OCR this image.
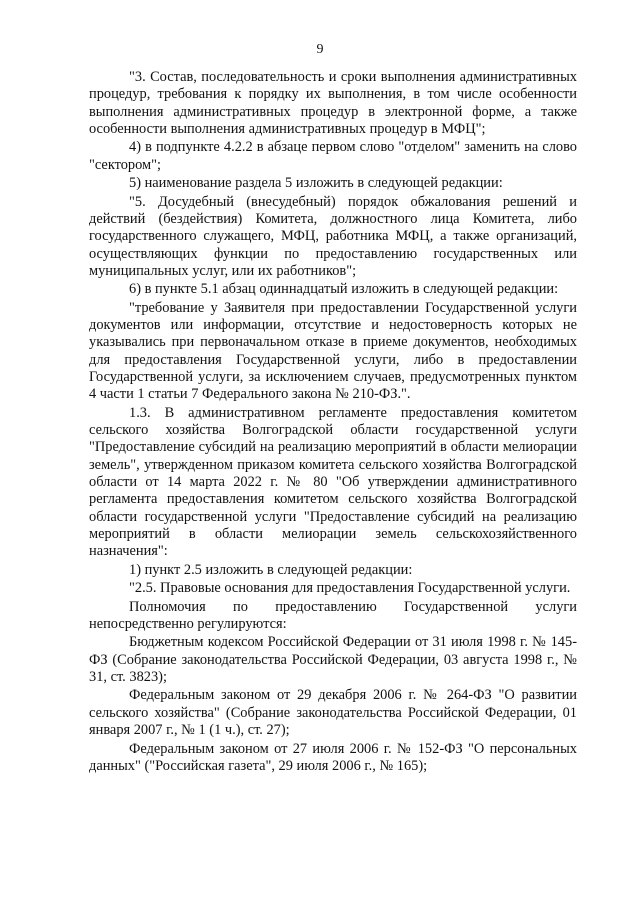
9

"3. Состав, последовательность и сроки выполнения административных процедур, требования к порядку их выполнения, в том числе особенности выполнения административных процедур в электронной форме, а также особенности выполнения административных процедур в МФЦ";

4) в подпункте 4.2.2 в абзаце первом слово "отделом" заменить на слово "сектором";

5) наименование раздела 5 изложить в следующей редакции:

"5. Досудебный (внесудебный) порядок обжалования решений и действий (бездействия) Комитета, должностного лица Комитета, либо государственного служащего, МФЦ, работника МФЦ, а также организаций, осуществляющих функции по предоставлению государственных или муниципальных услуг, или их работников";

6) в пункте 5.1 абзац одиннадцатый изложить в следующей редакции:

"требование у Заявителя при предоставлении Государственной услуги документов или информации, отсутствие и недостоверность которых не указывались при первоначальном отказе в приеме документов, необходимых для предоставления Государственной услуги, либо в предоставлении Государственной услуги, за исключением случаев, предусмотренных пунктом 4 части 1 статьи 7 Федерального закона № 210-ФЗ.".

1.3. В административном регламенте предоставления комитетом сельского хозяйства Волгоградской области государственной услуги "Предоставление субсидий на реализацию мероприятий в области мелиорации земель", утвержденном приказом комитета сельского хозяйства Волгоградской области от 14 марта 2022 г. № 80 "Об утверждении административного регламента предоставления комитетом сельского хозяйства Волгоградской области государственной услуги "Предоставление субсидий на реализацию мероприятий в области мелиорации земель сельскохозяйственного назначения":

1) пункт 2.5 изложить в следующей редакции:

"2.5. Правовые основания для предоставления Государственной услуги.

Полномочия по предоставлению Государственной услуги непосредственно регулируются:

Бюджетным кодексом Российской Федерации от 31 июля 1998 г. № 145-ФЗ (Собрание законодательства Российской Федерации, 03 августа 1998 г., № 31, ст. 3823);

Федеральным законом от 29 декабря 2006 г. № 264-ФЗ "О развитии сельского хозяйства" (Собрание законодательства Российской Федерации, 01 января 2007 г., № 1 (1 ч.), ст. 27);

Федеральным законом от 27 июля 2006 г. № 152-ФЗ "О персональных данных" ("Российская газета", 29 июля 2006 г., № 165);
